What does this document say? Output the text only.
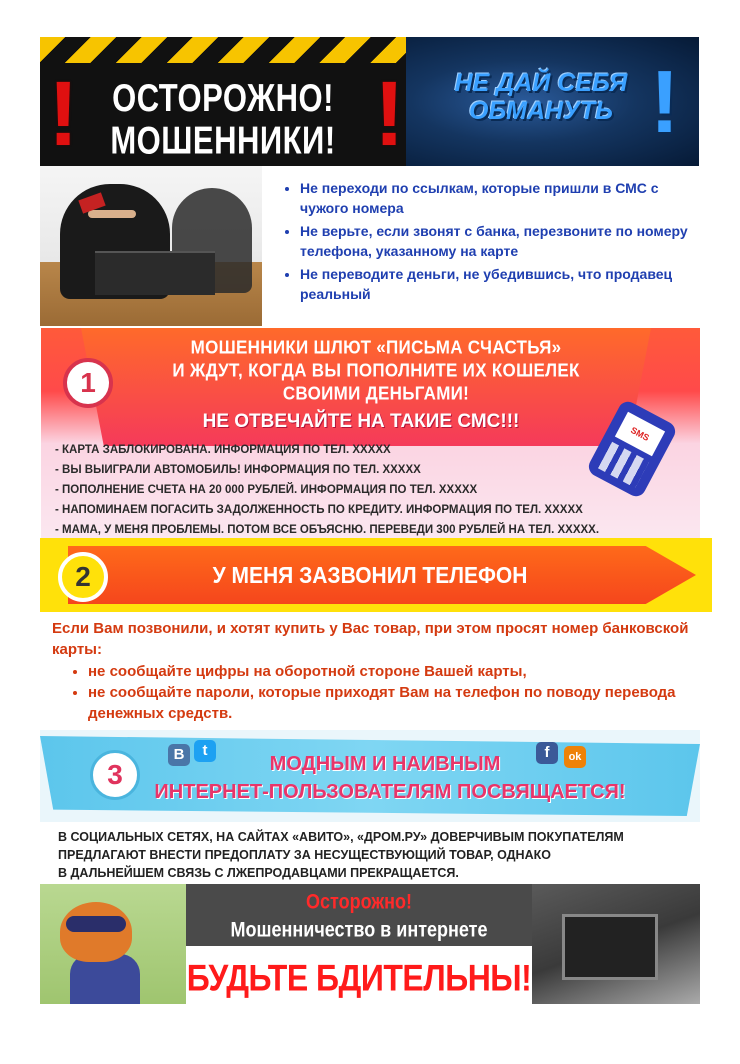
!	ОСТОРОЖНО! МОШЕННИКИ! !	НЕ ДАЙ СЕБЯ ОБМАНУТЬ !
• Не переходи по ссылкам, которые пришли в СМС с чужого номера
• Не верьте, если звонят с банка, перезвоните по номеру телефона, указанному на карте
• Не переводите деньги, не убедившись, что продавец реальный
1
МОШЕННИКИ ШЛЮТ «ПИСЬМА СЧАСТЬЯ»
И ЖДУТ, КОГДА ВЫ ПОПОЛНИТЕ ИХ КОШЕЛЕК
СВОИМИ ДЕНЬГАМИ!
НЕ ОТВЕЧАЙТЕ НА ТАКИЕ СМС!!!
SMS
- КАРТА ЗАБЛОКИРОВАНА. ИНФОРМАЦИЯ ПО ТЕЛ. XXXXX
- ВЫ ВЫИГРАЛИ АВТОМОБИЛЬ! ИНФОРМАЦИЯ ПО ТЕЛ. XXXXX
- ПОПОЛНЕНИЕ СЧЕТА НА 20 000 РУБЛЕЙ. ИНФОРМАЦИЯ ПО ТЕЛ. XXXXX
- НАПОМИНАЕМ ПОГАСИТЬ ЗАДОЛЖЕННОСТЬ ПО КРЕДИТУ. ИНФОРМАЦИЯ ПО ТЕЛ. XXXXX
- МАМА, У МЕНЯ ПРОБЛЕМЫ. ПОТОМ ВСЕ ОБЪЯСНЮ. ПЕРЕВЕДИ 300 РУБЛЕЙ НА ТЕЛ. XXXXX.
2	У МЕНЯ ЗАЗВОНИЛ ТЕЛЕФОН
Если Вам позвонили, и хотят купить у Вас товар, при этом просят номер банковской карты:
• не сообщайте цифры на оборотной стороне Вашей карты,
• не сообщайте пароли, которые приходят Вам на телефон по поводу перевода денежных средств.
3
В	t
МОДНЫМ И НАИВНЫМ
f	ok
ИНТЕРНЕТ-ПОЛЬЗОВАТЕЛЯМ ПОСВЯЩАЕТСЯ!
В СОЦИАЛЬНЫХ СЕТЯХ, НА САЙТАХ «АВИТО», «ДРОМ.РУ» ДОВЕРЧИВЫМ ПОКУПАТЕЛЯМ
ПРЕДЛАГАЮТ ВНЕСТИ ПРЕДОПЛАТУ ЗА НЕСУЩЕСТВУЮЩИЙ ТОВАР, ОДНАКО
В ДАЛЬНЕЙШЕМ СВЯЗЬ С ЛЖЕПРОДАВЦАМИ ПРЕКРАЩАЕТСЯ.
Осторожно!
Мошенничество в интернете
БУДЬТЕ БДИТЕЛЬНЫ!
